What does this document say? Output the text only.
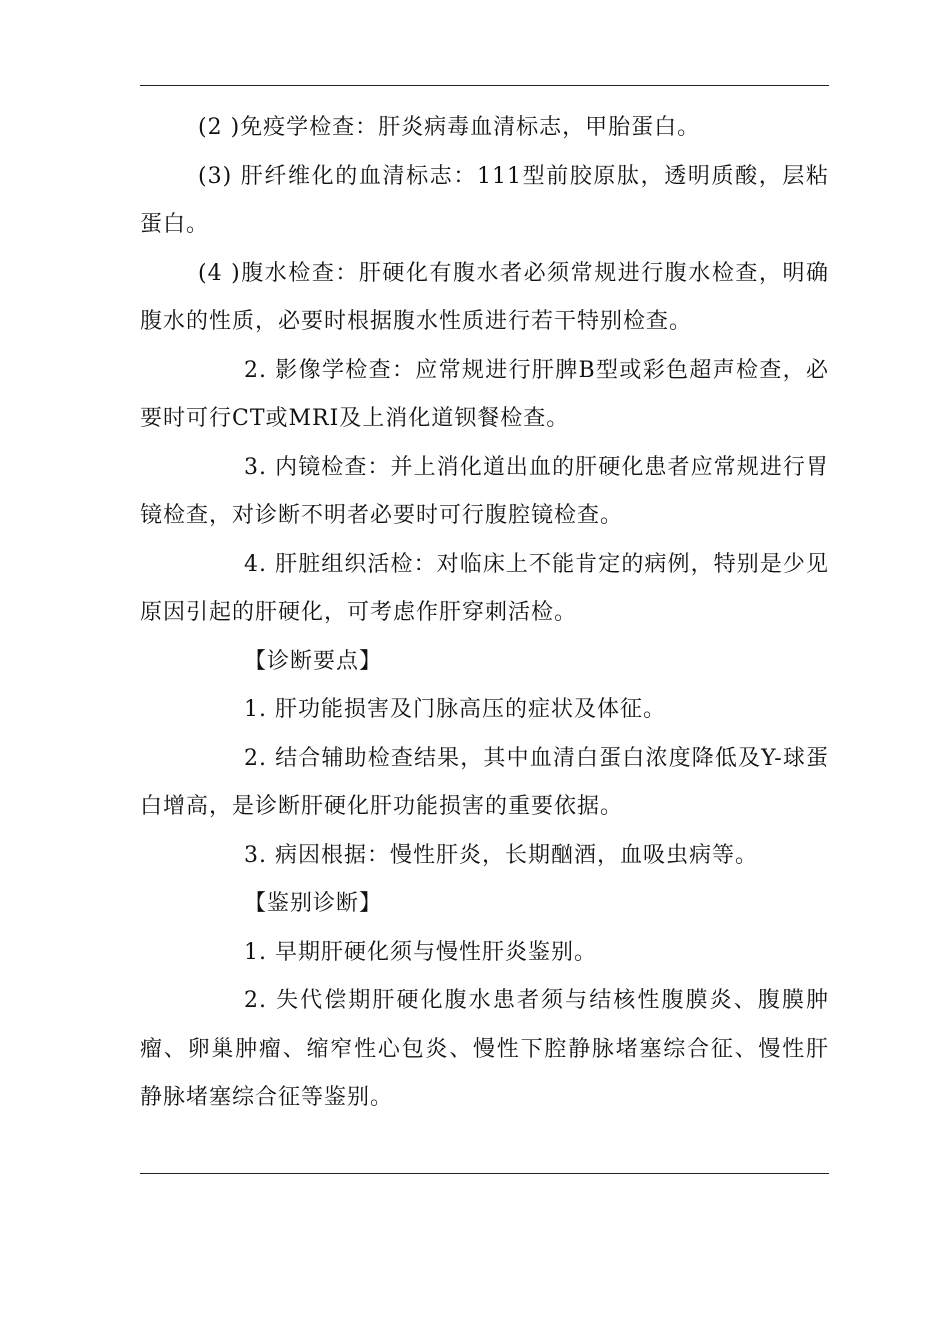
(2 )免疫学检查：肝炎病毒血清标志，甲胎蛋白。

(3) 肝纤维化的血清标志：111型前胶原肽，透明质酸，层粘蛋白。

(4 )腹水检查：肝硬化有腹水者必须常规进行腹水检查，明确腹水的性质，必要时根据腹水性质进行若干特别检查。

2. 影像学检查：应常规进行肝脾B型或彩色超声检查，必要时可行CT或MRI及上消化道钡餐检查。

3. 内镜检查：并上消化道出血的肝硬化患者应常规进行胃镜检查，对诊断不明者必要时可行腹腔镜检查。

4. 肝脏组织活检：对临床上不能肯定的病例，特别是少见原因引起的肝硬化，可考虑作肝穿刺活检。

【诊断要点】

1. 肝功能损害及门脉高压的症状及体征。

2. 结合辅助检查结果，其中血清白蛋白浓度降低及Y-球蛋白增高，是诊断肝硬化肝功能损害的重要依据。

3. 病因根据：慢性肝炎，长期酗酒，血吸虫病等。

【鉴别诊断】

1. 早期肝硬化须与慢性肝炎鉴别。

2. 失代偿期肝硬化腹水患者须与结核性腹膜炎、腹膜肿瘤、卵巢肿瘤、缩窄性心包炎、慢性下腔静脉堵塞综合征、慢性肝静脉堵塞综合征等鉴别。
